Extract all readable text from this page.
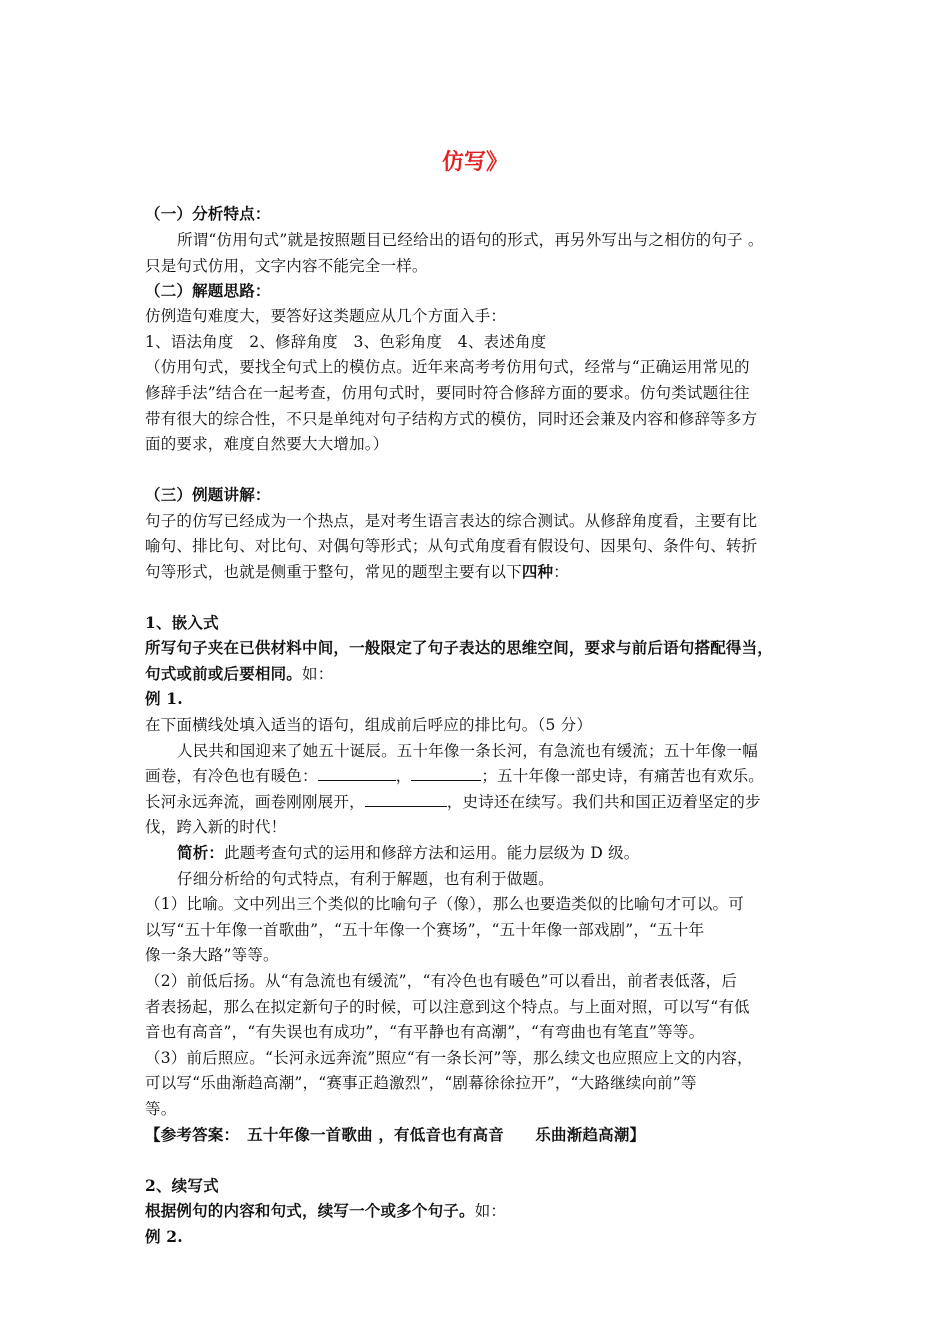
仿写》
（一）分析特点：
所谓“仿用句式”就是按照题目已经给出的语句的形式，再另外写出与之相仿的句子 。
只是句式仿用，文字内容不能完全一样。
（二）解题思路：
仿例造句难度大，要答好这类题应从几个方面入手：
1、语法角度　2、修辞角度　3、色彩角度　4、表述角度
（仿用句式，要找全句式上的模仿点。近年来高考考仿用句式，经常与“正确运用常见的
修辞手法”结合在一起考查，仿用句式时，要同时符合修辞方面的要求。仿句类试题往往
带有很大的综合性，不只是单纯对句子结构方式的模仿，同时还会兼及内容和修辞等多方
面的要求，难度自然要大大增加。）
（三）例题讲解：
句子的仿写已经成为一个热点，是对考生语言表达的综合测试。从修辞角度看，主要有比
喻句、排比句、对比句、对偶句等形式；从句式角度看有假设句、因果句、条件句、转折
句等形式，也就是侧重于整句，常见的题型主要有以下四种：
1、嵌入式
所写句子夹在已供材料中间，一般限定了句子表达的思维空间，要求与前后语句搭配得当，
句式或前或后要相同。如：
例 1.
在下面横线处填入适当的语句，组成前后呼应的排比句。（5 分）
人民共和国迎来了她五十诞辰。五十年像一条长河，有急流也有缓流；五十年像一幅
画卷，有冷色也有暖色：	，	；五十年像一部史诗，有痛苦也有欢乐。
长河永远奔流，画卷刚刚展开，	，史诗还在续写。我们共和国正迈着坚定的步
伐，跨入新的时代！
简析：此题考查句式的运用和修辞方法和运用。能力层级为 D 级。
仔细分析给的句式特点，有利于解题，也有利于做题。
（1）比喻。文中列出三个类似的比喻句子（像），那么也要造类似的比喻句才可以。可
以写“五十年像一首歌曲”，“五十年像一个赛场”，“五十年像一部戏剧”，“五十年
像一条大路”等等。
（2）前低后扬。从“有急流也有缓流”，“有冷色也有暖色”可以看出，前者表低落，后
者表扬起，那么在拟定新句子的时候，可以注意到这个特点。与上面对照，可以写“有低
音也有高音”，“有失误也有成功”，“有平静也有高潮”，“有弯曲也有笔直”等等。
（3）前后照应。“长河永远奔流”照应“有一条长河”等，那么续文也应照应上文的内容，
可以写“乐曲渐趋高潮”，“赛事正趋激烈”，“剧幕徐徐拉开”，“大路继续向前”等
等。
【参考答案：　五十年像一首歌曲 ，有低音也有高音　　乐曲渐趋高潮】
2、续写式
根据例句的内容和句式，续写一个或多个句子。如：
例 2.
